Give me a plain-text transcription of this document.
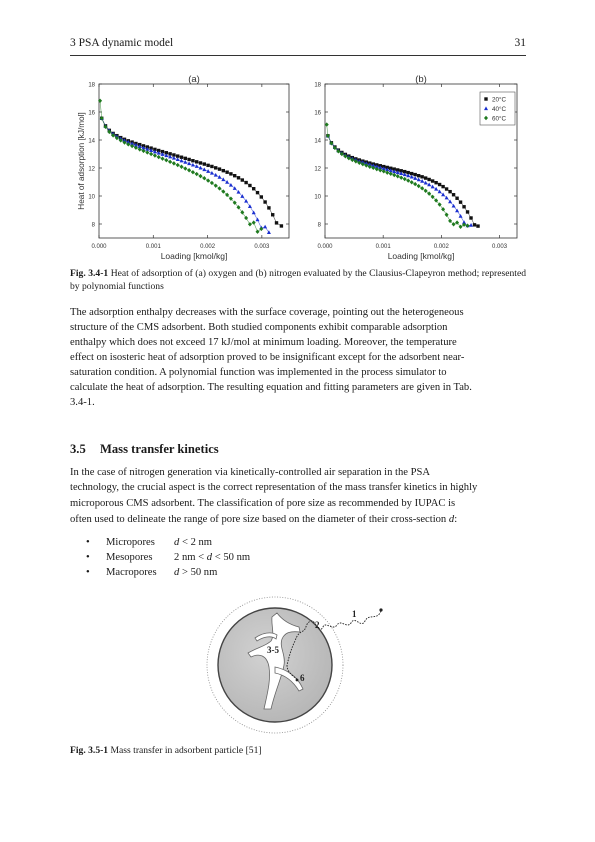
3 PSA dynamic model	31
8
10
12
14
16
18
0.000	0.001	0.002	0.003
(a)
Loading [kmol/kg]
Heat of adsorption [kJ/mol]
8
10
12
14
16
18
0.000	0.001	0.002	0.003
(b)
Loading [kmol/kg]
20°C
40°C
60°C
Fig. 3.4-1 Heat of adsorption of (a) oxygen and (b) nitrogen evaluated by the Clausius-Clapeyron method; represented by polynomial functions
The adsorption enthalpy decreases with the surface coverage, pointing out the heterogeneous
structure of the CMS adsorbent. Both studied components exhibit comparable adsorption
enthalpy which does not exceed 17 kJ/mol at minimum loading. Moreover, the temperature
effect on isosteric heat of adsorption proved to be insignificant except for the adsorbent near-
saturation condition. A polynomial function was implemented in the process simulator to
calculate the heat of adsorption. The resulting equation and fitting parameters are given in Tab.
3.4-1.
3.5 Mass transfer kinetics
In the case of nitrogen generation via kinetically-controlled air separation in the PSA
technology, the crucial aspect is the correct representation of the mass transfer kinetics in highly
microporous CMS adsorbent. The classification of pore size as recommended by IUPAC is
often used to delineate the range of pore size based on the diameter of their cross-section d:
• Micropores d < 2 nm
• Mesopores 2 nm < d < 50 nm
• Macropores d > 50 nm
1
2
3-5
6
Fig. 3.5-1 Mass transfer in adsorbent particle [51]
